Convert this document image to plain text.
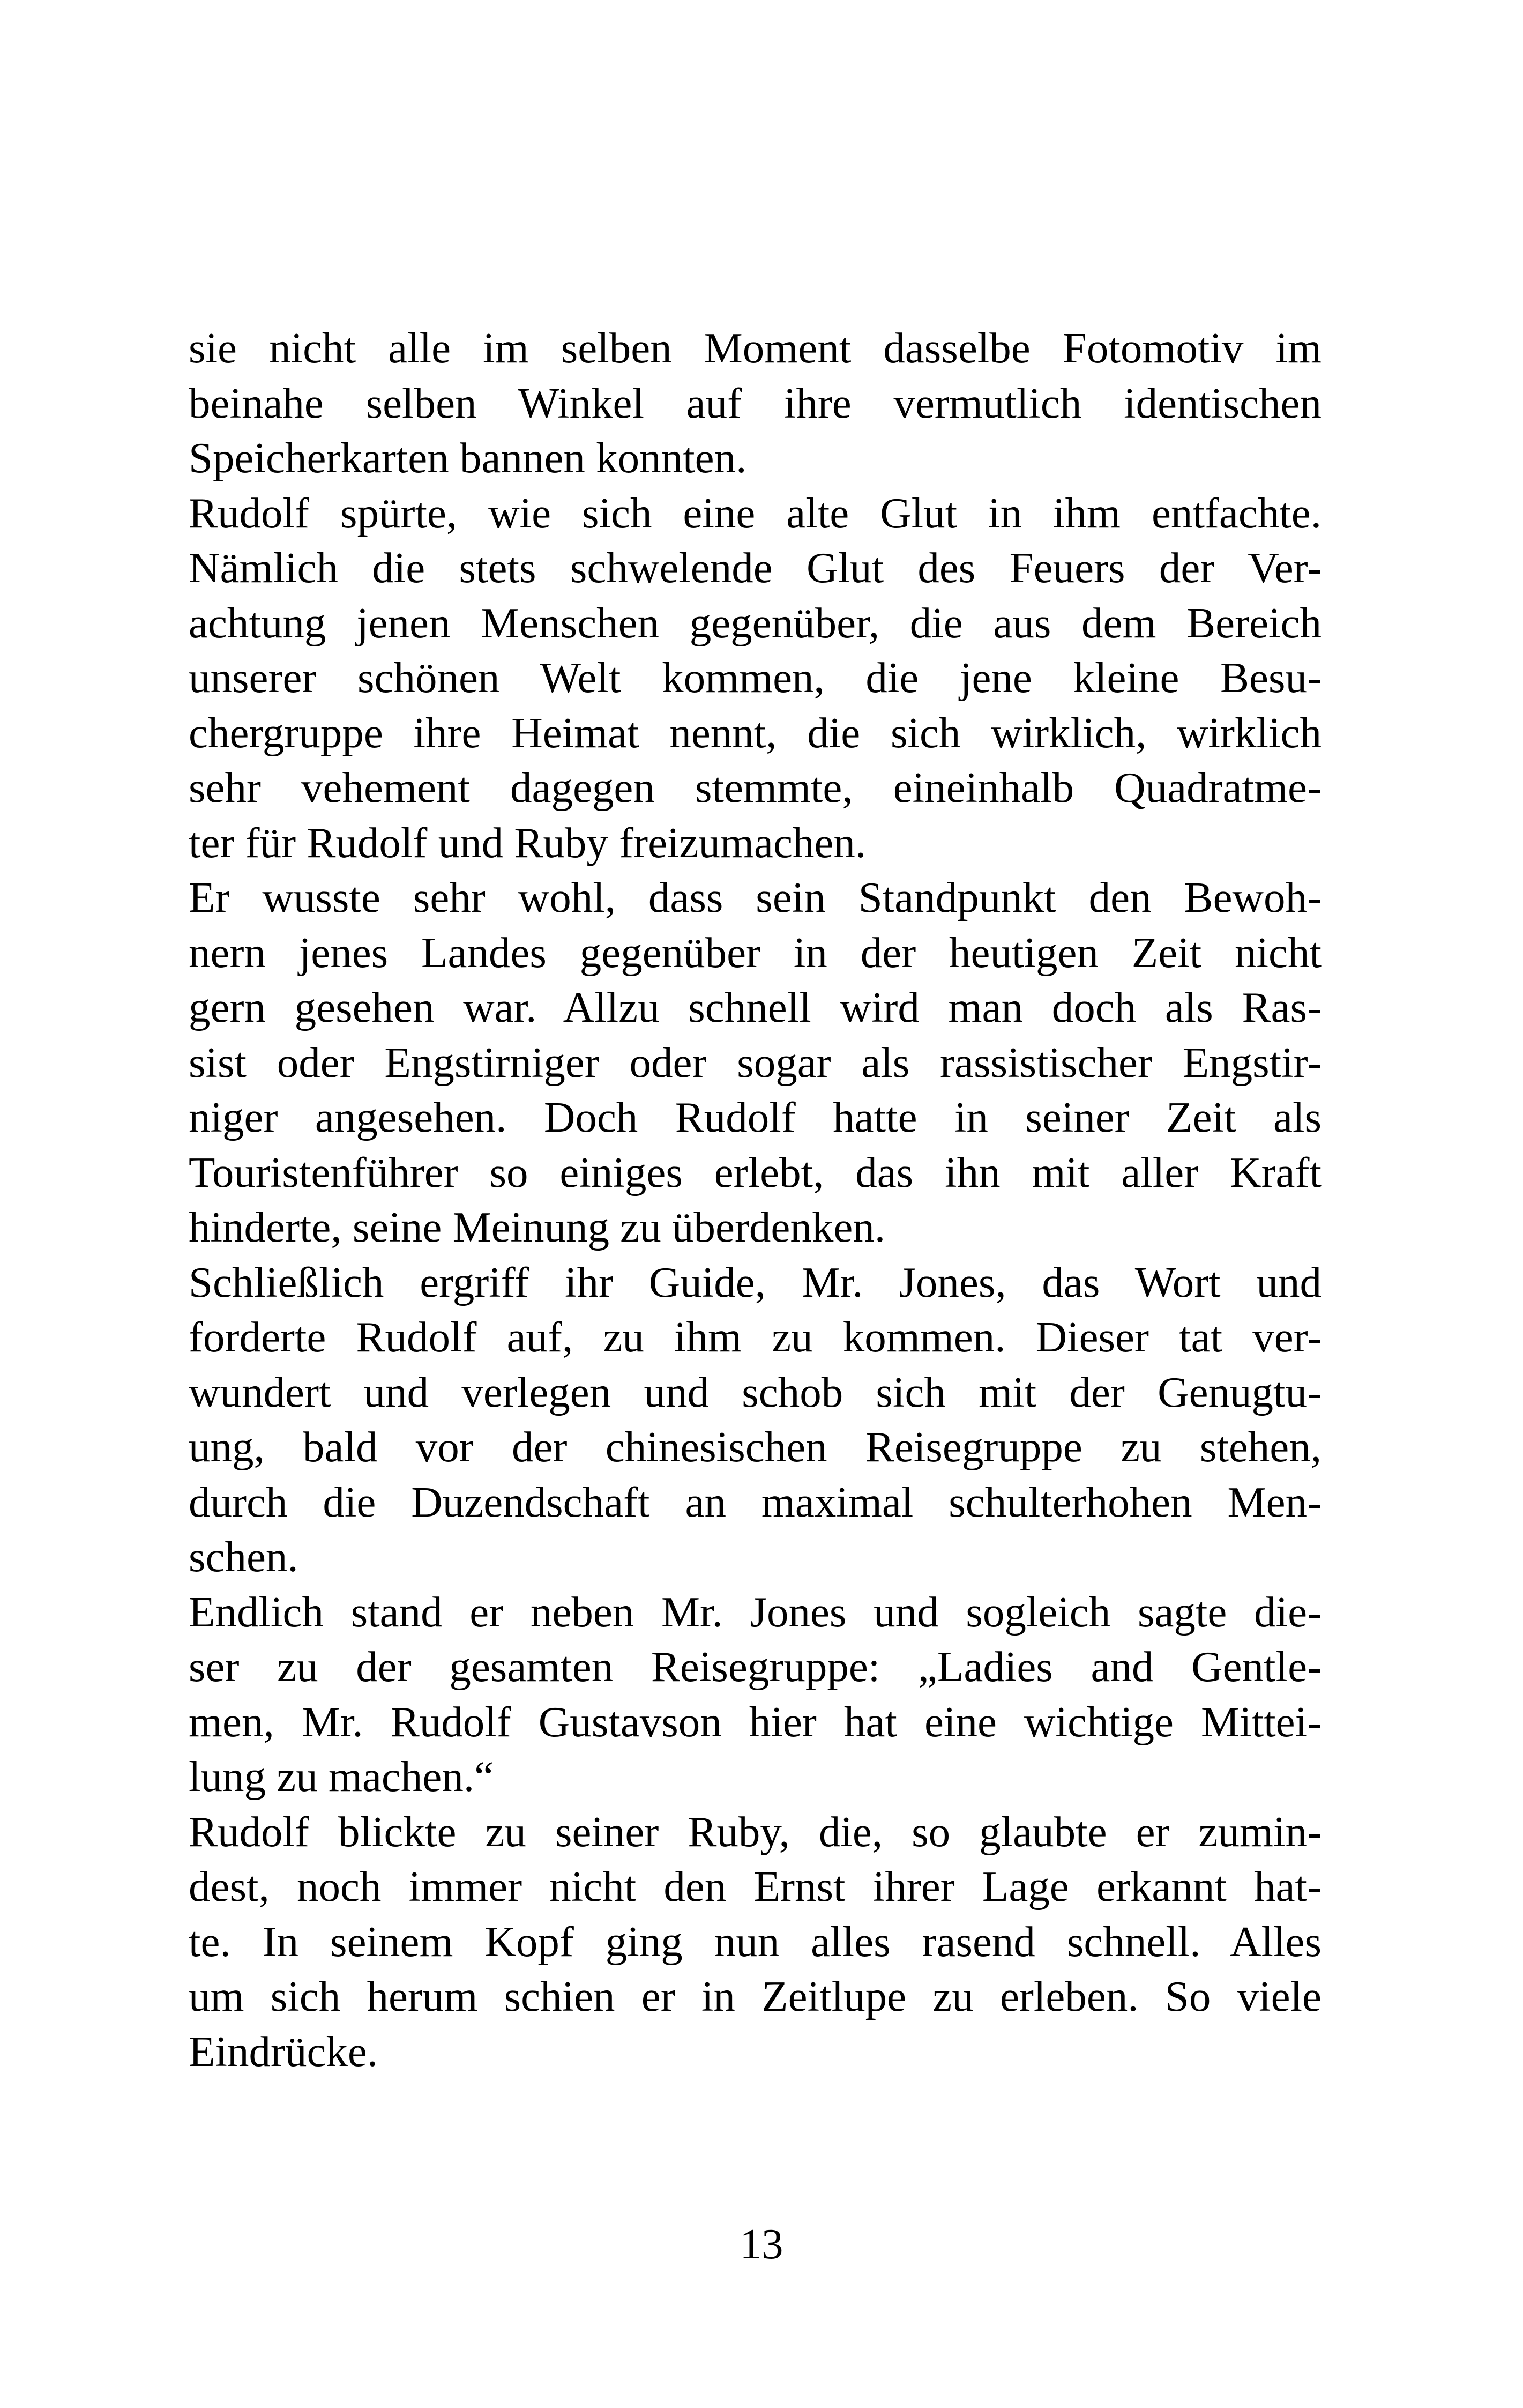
sie nicht alle im selben Moment dasselbe Fotomotiv im
beinahe selben Winkel auf ihre vermutlich identischen
Speicherkarten bannen konnten.
Rudolf spürte, wie sich eine alte Glut in ihm entfachte.
Nämlich die stets schwelende Glut des Feuers der Ver-
achtung jenen Menschen gegenüber, die aus dem Bereich
unserer schönen Welt kommen, die jene kleine Besu-
chergruppe ihre Heimat nennt, die sich wirklich, wirklich
sehr vehement dagegen stemmte, eineinhalb Quadratme-
ter für Rudolf und Ruby freizumachen.
Er wusste sehr wohl, dass sein Standpunkt den Bewoh-
nern jenes Landes gegenüber in der heutigen Zeit nicht
gern gesehen war. Allzu schnell wird man doch als Ras-
sist oder Engstirniger oder sogar als rassistischer Engstir-
niger angesehen. Doch Rudolf hatte in seiner Zeit als
Touristenführer so einiges erlebt, das ihn mit aller Kraft
hinderte, seine Meinung zu überdenken.
Schließlich ergriff ihr Guide, Mr. Jones, das Wort und
forderte Rudolf auf, zu ihm zu kommen. Dieser tat ver-
wundert und verlegen und schob sich mit der Genugtu-
ung, bald vor der chinesischen Reisegruppe zu stehen,
durch die Duzendschaft an maximal schulterhohen Men-
schen.
Endlich stand er neben Mr. Jones und sogleich sagte die-
ser zu der gesamten Reisegruppe: „Ladies and Gentle-
men, Mr. Rudolf Gustavson hier hat eine wichtige Mittei-
lung zu machen.“
Rudolf blickte zu seiner Ruby, die, so glaubte er zumin-
dest, noch immer nicht den Ernst ihrer Lage erkannt hat-
te. In seinem Kopf ging nun alles rasend schnell. Alles
um sich herum schien er in Zeitlupe zu erleben. So viele
Eindrücke.
13
